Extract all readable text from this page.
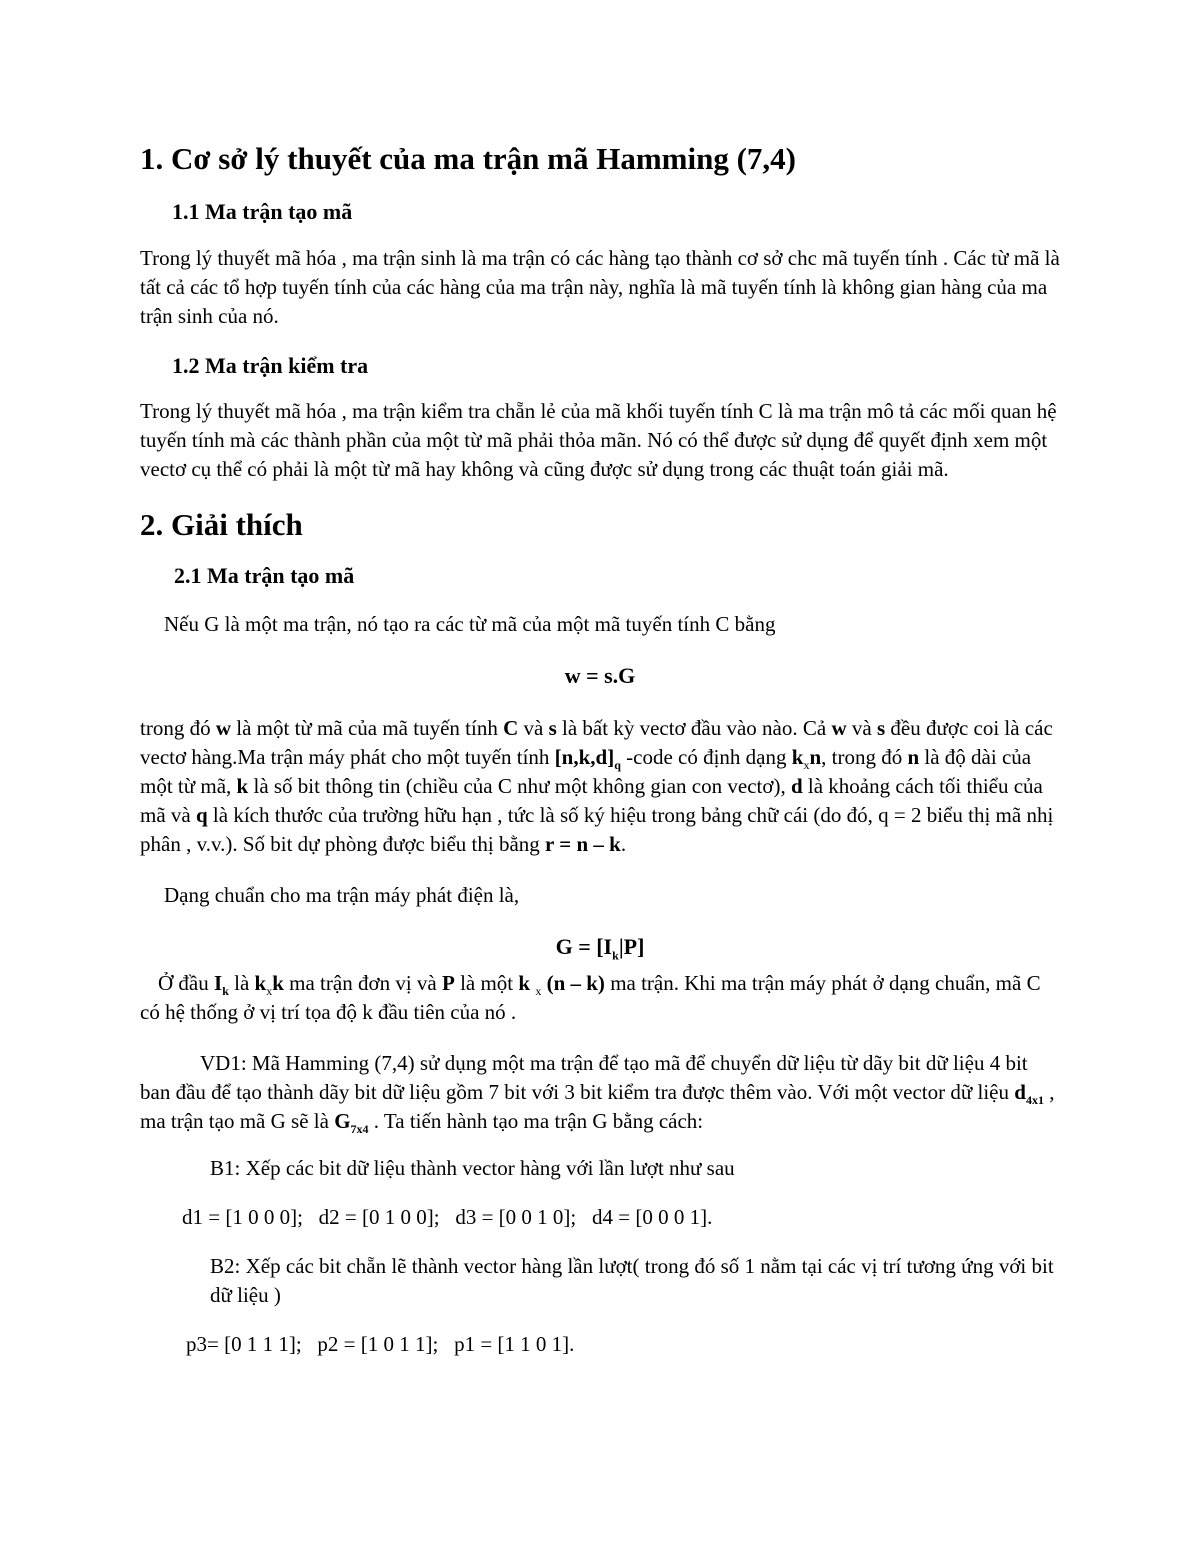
1. Cơ sở lý thuyết của ma trận mã Hamming (7,4)
1.1 Ma trận tạo mã

Trong lý thuyết mã hóa , ma trận sinh là ma trận có các hàng tạo thành cơ sở chc mã tuyến tính . Các từ mã là tất cả các tổ hợp tuyến tính của các hàng của ma trận này, nghĩa là mã tuyến tính là không gian hàng của ma trận sinh của nó.

1.2 Ma trận kiểm tra

Trong lý thuyết mã hóa , ma trận kiểm tra chẵn lẻ của mã khối tuyến tính C là ma trận mô tả các mối quan hệ tuyến tính mà các thành phần của một từ mã phải thỏa mãn. Nó có thể được sử dụng để quyết định xem một vectơ cụ thể có phải là một từ mã hay không và cũng được sử dụng trong các thuật toán giải mã.

2. Giải thích
2.1 Ma trận tạo mã

Nếu G là một ma trận, nó tạo ra các từ mã của một mã tuyến tính C bằng

w = s.G

trong đó w là một từ mã của mã tuyến tính C và s là bất kỳ vectơ đầu vào nào. Cả w và s đều được coi là các vectơ hàng.Ma trận máy phát cho một tuyến tính $[n,k,d]_q$ -code có định dạng $k_xn$, trong đó n là độ dài của một từ mã, k là số bit thông tin (chiều của C như một không gian con vectơ), d là khoảng cách tối thiểu của mã và q là kích thước của trường hữu hạn , tức là số ký hiệu trong bảng chữ cái (do đó, q = 2 biểu thị mã nhị phân , v.v.). Số bit dự phòng được biểu thị bằng r = n – k.

Dạng chuẩn cho ma trận máy phát điện là,

$G = [I_k|P]$

Ở đầu $I_k$ là $k_xk$ ma trận đơn vị và P là một k $_x$ (n – k) ma trận. Khi ma trận máy phát ở dạng chuẩn, mã C có hệ thống ở vị trí tọa độ k đầu tiên của nó .

VD1: Mã Hamming (7,4) sử dụng một ma trận để tạo mã để chuyển dữ liệu từ dãy bit dữ liệu 4 bit ban đầu để tạo thành dãy bit dữ liệu gồm 7 bit với 3 bit kiểm tra được thêm vào. Với một vector dữ liệu $d_{4x1}$ , ma trận tạo mã G sẽ là $G_{7x4}$ . Ta tiến hành tạo ma trận G bằng cách:

B1: Xếp các bit dữ liệu thành vector hàng với lần lượt như sau

d1 = [1 0 0 0];   d2 = [0 1 0 0];   d3 = [0 0 1 0];   d4 = [0 0 0 1].

B2: Xếp các bit chẵn lẽ thành vector hàng lần lượt( trong đó số 1 nằm tại các vị trí tương ứng với bit dữ liệu )

p3= [0 1 1 1];   p2 = [1 0 1 1];   p1 = [1 1 0 1].
